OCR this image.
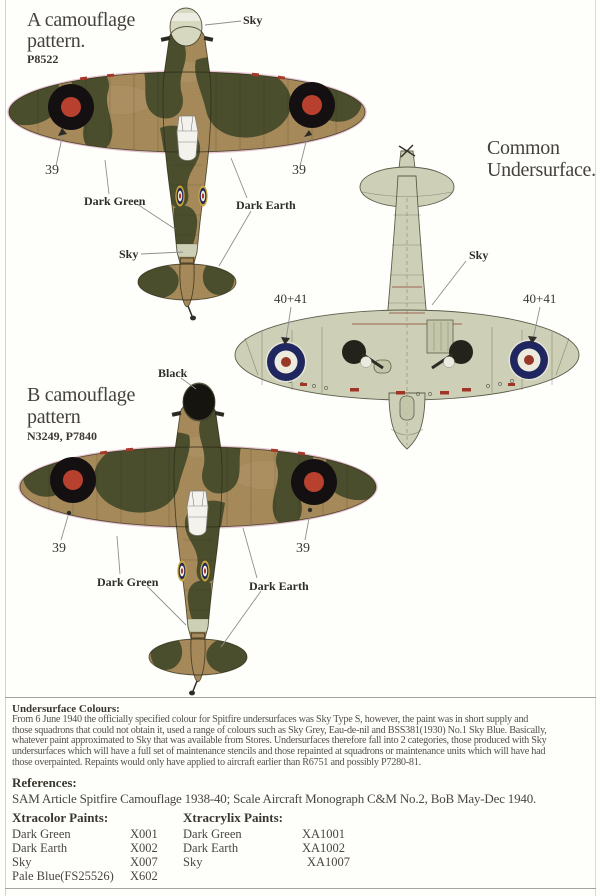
A camouflage
pattern.
P8522
Sky
39	39
Dark Green	Dark Earth
Sky
Common
Undersurface.
Sky
40+41	40+41
Black
B camouflage
pattern
N3249, P7840
39	39
Dark Green	Dark Earth
Undersurface Colours:
From 6 June 1940 the officially specified colour for Spitfire undersurfaces was Sky Type S, however, the paint was in short supply and
those squadrons that could not obtain it, used a range of colours such as Sky Grey, Eau-de-nil and BSS381(1930) No.1 Sky Blue. Basically,
whatever paint approximated to Sky that was available from Stores. Undersurfaces therefore fall into 2 categories, those produced with Sky
undersurfaces which will have a full set of maintenance stencils and those repainted at squadrons or maintenance units which will have had
those overpainted. Repaints would only have applied to aircraft earlier than R6751 and possibly P7280-81.
References:
SAM Article Spitfire Camouflage 1938-40; Scale Aircraft Monograph C&M No.2, BoB May-Dec 1940.
Xtracolor Paints:	Xtracrylix Paints:
Dark Green	X001 Dark Green	XA1001
Dark Earth	X002 Dark Earth	XA1002
Sky	X007 Sky	XA1007
Pale Blue(FS25526) X602
